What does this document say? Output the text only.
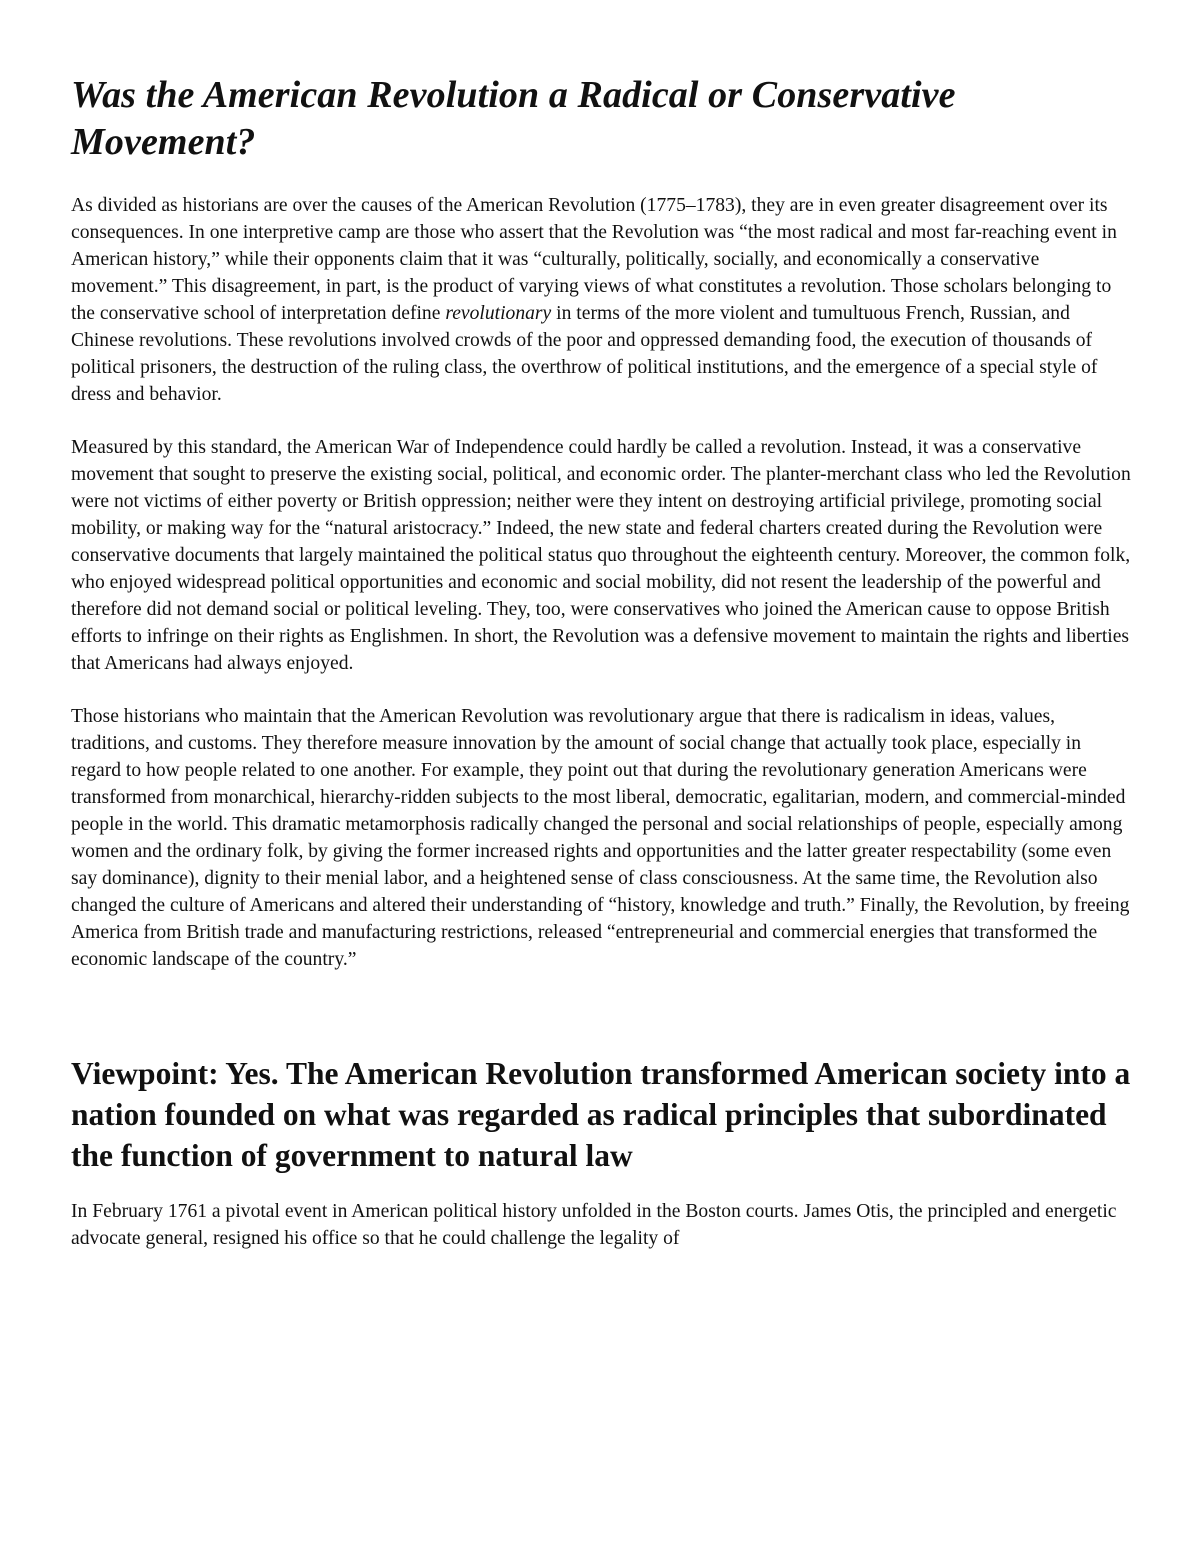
Was the American Revolution a Radical or Conservative Movement?

As divided as historians are over the causes of the American Revolution (1775–1783), they are in even greater disagreement over its consequences. In one interpretive camp are those who assert that the Revolution was “the most radical and most far-reaching event in American history,” while their opponents claim that it was “culturally, politically, socially, and economically a conservative movement.” This disagreement, in part, is the product of varying views of what constitutes a revolution. Those scholars belonging to the conservative school of interpretation define revolutionary in terms of the more violent and tumultuous French, Russian, and Chinese revolutions. These revolutions involved crowds of the poor and oppressed demanding food, the execution of thousands of political prisoners, the destruction of the ruling class, the overthrow of political institutions, and the emergence of a special style of dress and behavior.

Measured by this standard, the American War of Independence could hardly be called a revolution. Instead, it was a conservative movement that sought to preserve the existing social, political, and economic order. The planter-merchant class who led the Revolution were not victims of either poverty or British oppression; neither were they intent on destroying artificial privilege, promoting social mobility, or making way for the “natural aristocracy.” Indeed, the new state and federal charters created during the Revolution were conservative documents that largely maintained the political status quo throughout the eighteenth century. Moreover, the common folk, who enjoyed widespread political opportunities and economic and social mobility, did not resent the leadership of the powerful and therefore did not demand social or political leveling. They, too, were conservatives who joined the American cause to oppose British efforts to infringe on their rights as Englishmen. In short, the Revolution was a defensive movement to maintain the rights and liberties that Americans had always enjoyed.

Those historians who maintain that the American Revolution was revolutionary argue that there is radicalism in ideas, values, traditions, and customs. They therefore measure innovation by the amount of social change that actually took place, especially in regard to how people related to one another. For example, they point out that during the revolutionary generation Americans were transformed from monarchical, hierarchy-ridden subjects to the most liberal, democratic, egalitarian, modern, and commercial-minded people in the world. This dramatic metamorphosis radically changed the personal and social relationships of people, especially among women and the ordinary folk, by giving the former increased rights and opportunities and the latter greater respectability (some even say dominance), dignity to their menial labor, and a heightened sense of class consciousness. At the same time, the Revolution also changed the culture of Americans and altered their understanding of “history, knowledge and truth.” Finally, the Revolution, by freeing America from British trade and manufacturing restrictions, released “entrepreneurial and commercial energies that transformed the economic landscape of the country.”

Viewpoint: Yes. The American Revolution transformed American society into a nation founded on what was regarded as radical principles that subordinated the function of government to natural law

In February 1761 a pivotal event in American political history unfolded in the Boston courts. James Otis, the principled and energetic advocate general, resigned his office so that he could challenge the legality of
